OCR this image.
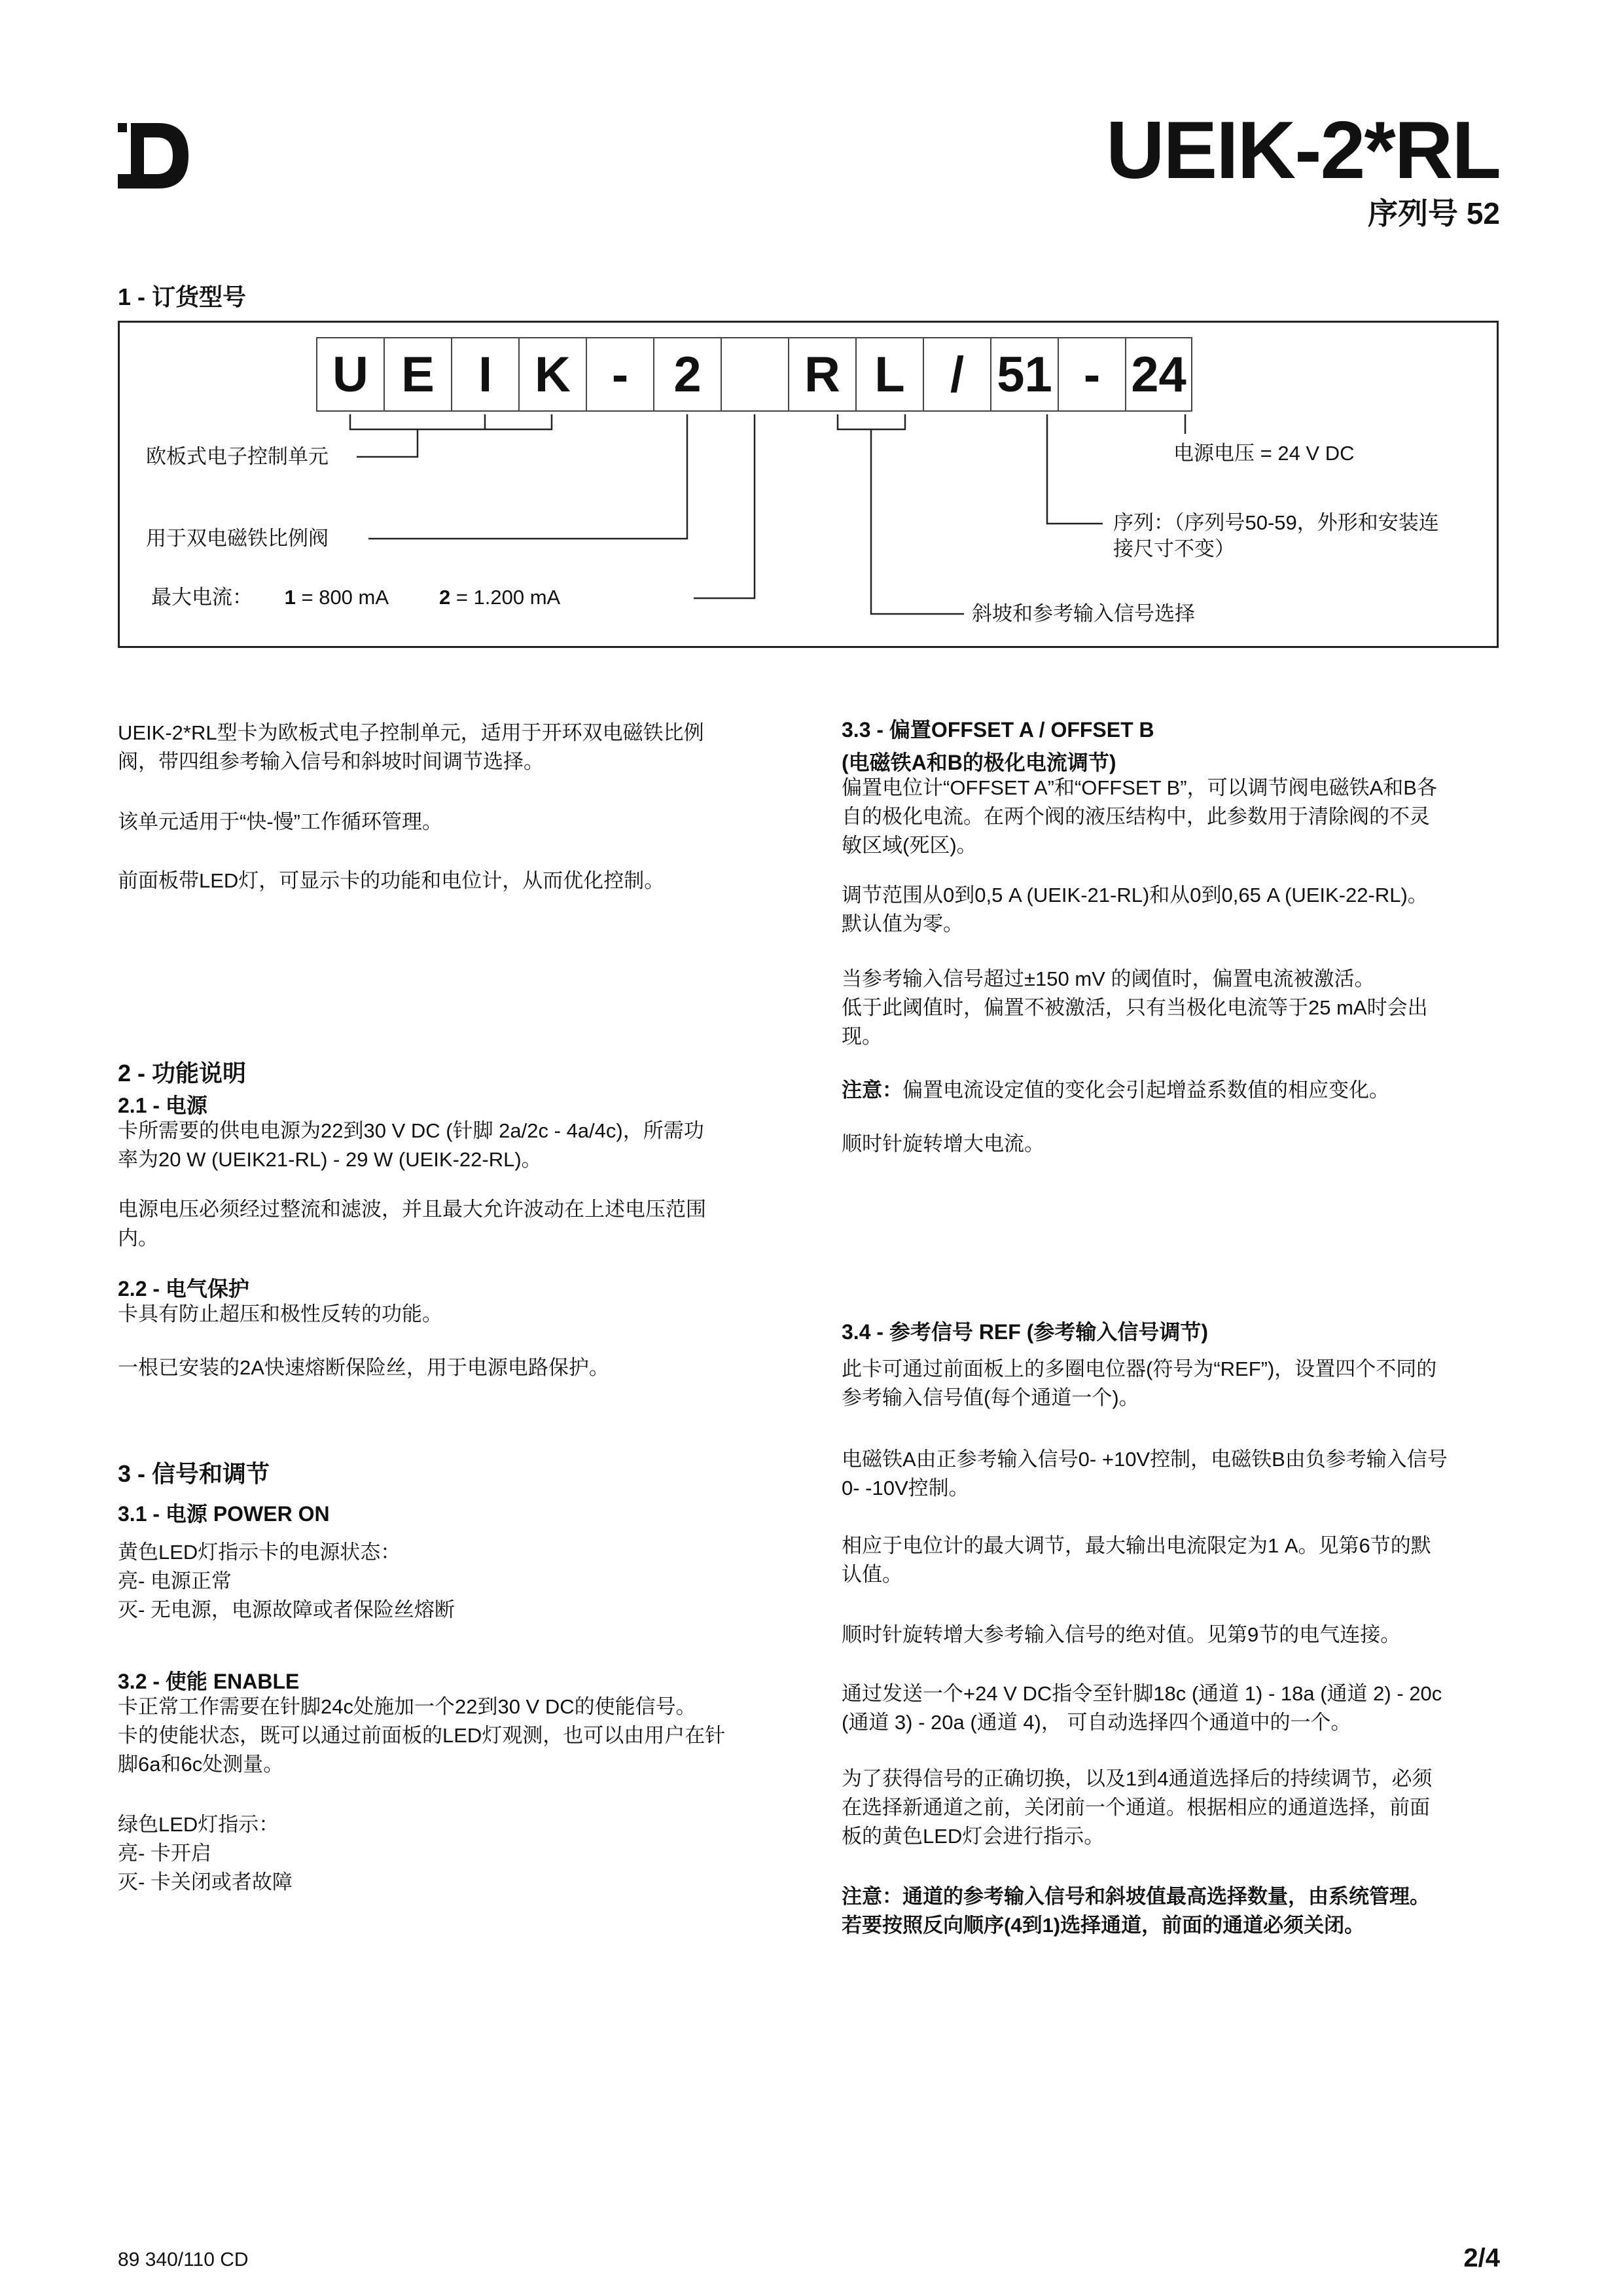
UEIK-2*RL
序列号 52
1 - 订货型号
U E I K - 2	R L / 51 - 24
欧板式电子控制单元
用于双电磁铁比例阀
最大电流： 1 = 800 mA	2 = 1.200 mA
电源电压 = 24 V DC
序列：（序列号50-59，外形和安装连
接尺寸不变）
斜坡和参考输入信号选择
UEIK-2*RL型卡为欧板式电子控制单元，适用于开环双电磁铁比例
阀，带四组参考输入信号和斜坡时间调节选择。
该单元适用于“快-慢”工作循环管理。
前面板带LED灯，可显示卡的功能和电位计，从而优化控制。
2 - 功能说明
2.1 - 电源
卡所需要的供电电源为22到30 V DC (针脚 2a/2c - 4a/4c)，所需功
率为20 W (UEIK21-RL) - 29 W (UEIK-22-RL)。
电源电压必须经过整流和滤波，并且最大允许波动在上述电压范围
内。
2.2 - 电气保护
卡具有防止超压和极性反转的功能。
一根已安装的2A快速熔断保险丝，用于电源电路保护。
3 - 信号和调节
3.1 - 电源 POWER ON
黄色LED灯指示卡的电源状态：
亮- 电源正常
灭- 无电源，电源故障或者保险丝熔断
3.2 - 使能 ENABLE
卡正常工作需要在针脚24c处施加一个22到30 V DC的使能信号。
卡的使能状态，既可以通过前面板的LED灯观测，也可以由用户在针
脚6a和6c处测量。
绿色LED灯指示：
亮- 卡开启
灭- 卡关闭或者故障
3.3 - 偏置OFFSET A / OFFSET B
(电磁铁A和B的极化电流调节)
偏置电位计“OFFSET A”和“OFFSET B”，可以调节阀电磁铁A和B各
自的极化电流。在两个阀的液压结构中，此参数用于清除阀的不灵
敏区域(死区)。
调节范围从0到0,5 A (UEIK-21-RL)和从0到0,65 A (UEIK-22-RL)。
默认值为零。
当参考输入信号超过±150 mV 的阈值时，偏置电流被激活。
低于此阈值时，偏置不被激活，只有当极化电流等于25 mA时会出
现。
注意：偏置电流设定值的变化会引起增益系数值的相应变化。
顺时针旋转增大电流。
3.4 - 参考信号 REF (参考输入信号调节)
此卡可通过前面板上的多圈电位器(符号为“REF”)，设置四个不同的
参考输入信号值(每个通道一个)。
电磁铁A由正参考输入信号0- +10V控制，电磁铁B由负参考输入信号
0- -10V控制。
相应于电位计的最大调节，最大输出电流限定为1 A。见第6节的默
认值。
顺时针旋转增大参考输入信号的绝对值。见第9节的电气连接。
通过发送一个+24 V DC指令至针脚18c (通道 1) - 18a (通道 2) - 20c
(通道 3) - 20a (通道 4)， 可自动选择四个通道中的一个。
为了获得信号的正确切换，以及1到4通道选择后的持续调节，必须
在选择新通道之前，关闭前一个通道。根据相应的通道选择，前面
板的黄色LED灯会进行指示。
注意：通道的参考输入信号和斜坡值最高选择数量，由系统管理。
若要按照反向顺序(4到1)选择通道，前面的通道必须关闭。
89 340/110 CD	2/4
